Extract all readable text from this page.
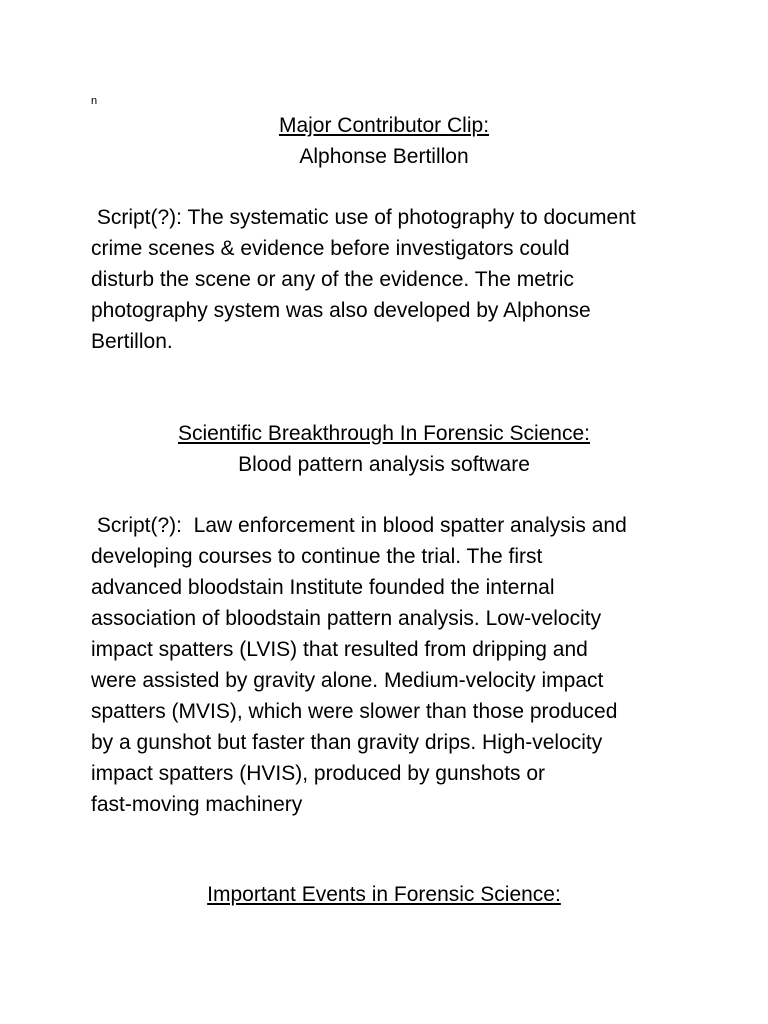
n
Major Contributor Clip:
Alphonse Bertillon
Script(?): The systematic use of photography to document
crime scenes & evidence before investigators could
disturb the scene or any of the evidence. The metric
photography system was also developed by Alphonse
Bertillon.
Scientific Breakthrough In Forensic Science:
Blood pattern analysis software
Script(?):  Law enforcement in blood spatter analysis and
developing courses to continue the trial. The first
advanced bloodstain Institute founded the internal
association of bloodstain pattern analysis. Low-velocity
impact spatters (LVIS) that resulted from dripping and
were assisted by gravity alone. Medium-velocity impact
spatters (MVIS), which were slower than those produced
by a gunshot but faster than gravity drips. High-velocity
impact spatters (HVIS), produced by gunshots or
fast-moving machinery
Important Events in Forensic Science:
